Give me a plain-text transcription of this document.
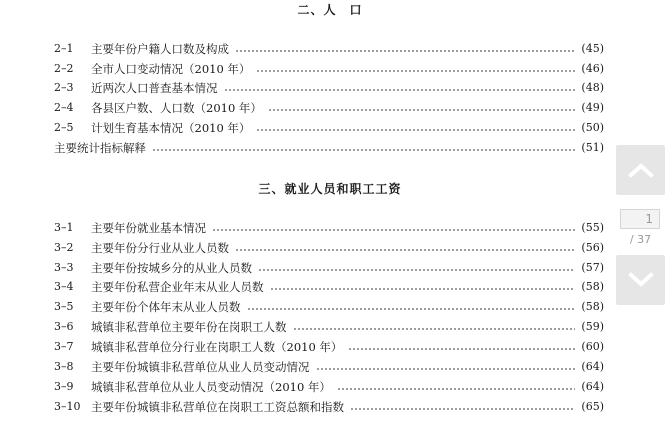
二、人　口
2–1	主要年份户籍人口数及构成	(45)
2–2	全市人口变动情况（2010 年）	(46)
2–3	近两次人口普查基本情况	(48)
2–4	各县区户数、人口数（2010 年）	(49)
2–5	计划生育基本情况（2010 年）	(50)
主要统计指标解释	(51)
三、就业人员和职工工资
3–1	主要年份就业基本情况	(55)
3–2	主要年份分行业从业人员数	(56)
3–3	主要年份按城乡分的从业人员数	(57)
3–4	主要年份私营企业年末从业人员数	(58)
3–5	主要年份个体年末从业人员数	(58)
3–6	城镇非私营单位主要年份在岗职工人数	(59)
3–7	城镇非私营单位分行业在岗职工人数（2010 年）	(60)
3–8	主要年份城镇非私营单位从业人员变动情况	(64)
3–9	城镇非私营单位从业人员变动情况（2010 年）	(64)
3–10 主要年份城镇非私营单位在岗职工工资总额和指数	(65)
1
/ 37
